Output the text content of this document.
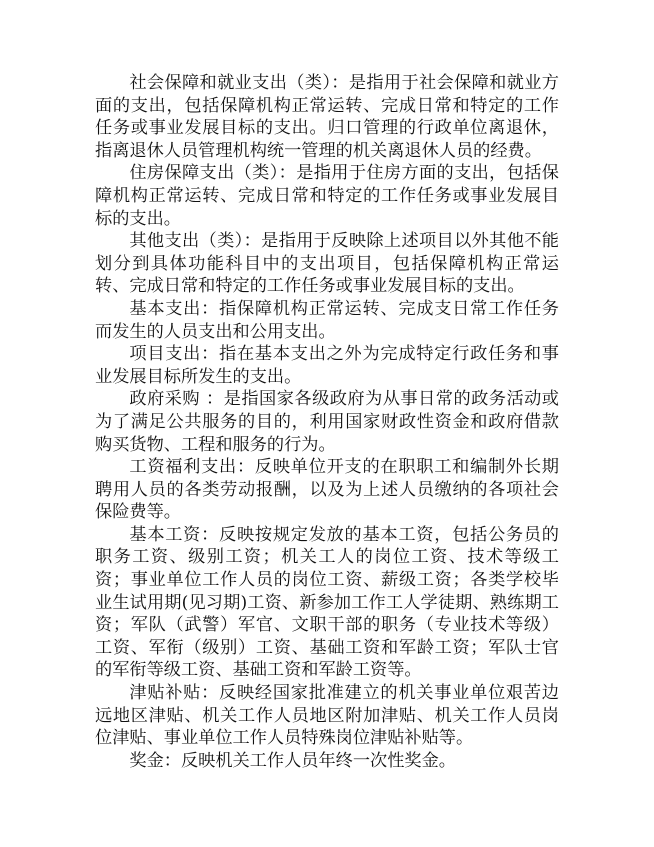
社会保障和就业支出（类）：是指用于社会保障和就业方面的支出，包括保障机构正常运转、完成日常和特定的工作任务或事业发展目标的支出。归口管理的行政单位离退休，指离退休人员管理机构统一管理的机关离退休人员的经费。

住房保障支出（类）：是指用于住房方面的支出，包括保障机构正常运转、完成日常和特定的工作任务或事业发展目标的支出。

其他支出（类）：是指用于反映除上述项目以外其他不能划分到具体功能科目中的支出项目，包括保障机构正常运转、完成日常和特定的工作任务或事业发展目标的支出。

基本支出：指保障机构正常运转、完成支日常工作任务而发生的人员支出和公用支出。

项目支出：指在基本支出之外为完成特定行政任务和事业发展目标所发生的支出。

政府采购 ：是指国家各级政府为从事日常的政务活动或为了满足公共服务的目的，利用国家财政性资金和政府借款购买货物、工程和服务的行为。

工资福利支出：反映单位开支的在职职工和编制外长期聘用人员的各类劳动报酬，以及为上述人员缴纳的各项社会保险费等。

基本工资：反映按规定发放的基本工资，包括公务员的职务工资、级别工资；机关工人的岗位工资、技术等级工资；事业单位工作人员的岗位工资、薪级工资；各类学校毕业生试用期(见习期)工资、新参加工作工人学徒期、熟练期工资；军队（武警）军官、文职干部的职务（专业技术等级）工资、军衔（级别）工资、基础工资和军龄工资；军队士官的军衔等级工资、基础工资和军龄工资等。

津贴补贴：反映经国家批准建立的机关事业单位艰苦边远地区津贴、机关工作人员地区附加津贴、机关工作人员岗位津贴、事业单位工作人员特殊岗位津贴补贴等。

奖金：反映机关工作人员年终一次性奖金。
